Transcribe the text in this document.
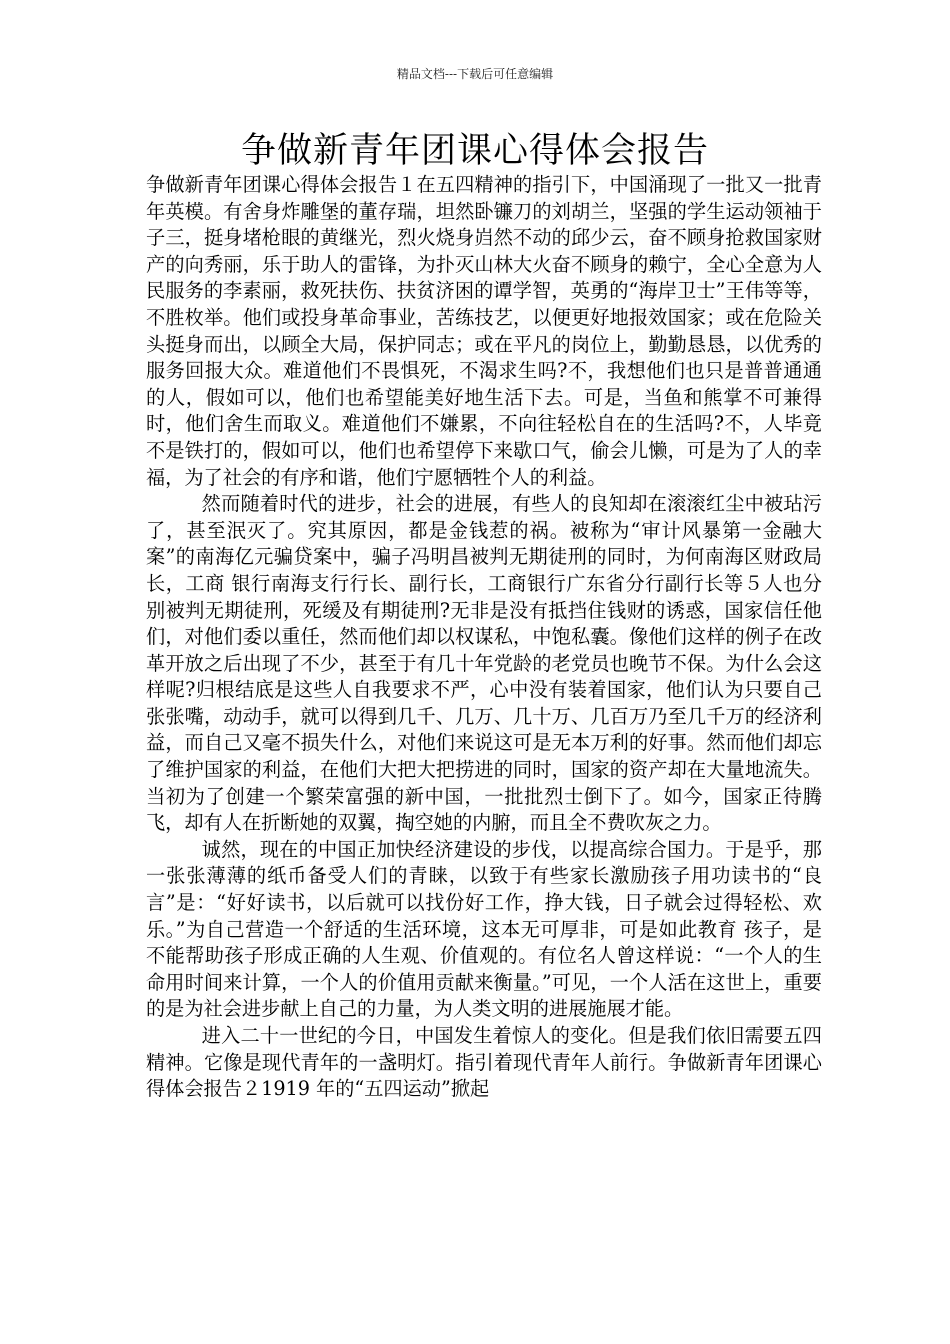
精品文档---下载后可任意编辑
争做新青年团课心得体会报告

争做新青年团课心得体会报告１在五四精神的指引下，中国涌现了一批又一批青年英模。有舍身炸雕堡的董存瑞，坦然卧镰刀的刘胡兰，坚强的学生运动领袖于子三，挺身堵枪眼的黄继光，烈火烧身岿然不动的邱少云，奋不顾身抢救国家财产的向秀丽，乐于助人的雷锋，为扑灭山林大火奋不顾身的赖宁，全心全意为人民服务的李素丽，救死扶伤、扶贫济困的谭学智，英勇的“海岸卫士”王伟等等，不胜枚举。他们或投身革命事业，苦练技艺，以便更好地报效国家；或在危险关头挺身而出，以顾全大局，保护同志；或在平凡的岗位上，勤勤恳恳，以优秀的服务回报大众。难道他们不畏惧死，不渴求生吗?不，我想他们也只是普普通通的人，假如可以，他们也希望能美好地生活下去。可是，当鱼和熊掌不可兼得时，他们舍生而取义。难道他们不嫌累，不向往轻松自在的生活吗?不，人毕竟不是铁打的，假如可以，他们也希望停下来歇口气，偷会儿懒，可是为了人的幸福，为了社会的有序和谐，他们宁愿牺牲个人的利益。

然而随着时代的进步，社会的进展，有些人的良知却在滚滚红尘中被玷污了，甚至泯灭了。究其原因，都是金钱惹的祸。被称为“审计风暴第一金融大案”的南海亿元骗贷案中，骗子冯明昌被判无期徒刑的同时，为何南海区财政局长，工商 银行南海支行行长、副行长，工商银行广东省分行副行长等５人也分别被判无期徒刑，死缓及有期徒刑?无非是没有抵挡住钱财的诱惑，国家信任他们，对他们委以重任，然而他们却以权谋私，中饱私囊。像他们这样的例子在改革开放之后出现了不少，甚至于有几十年党龄的老党员也晚节不保。为什么会这样呢?归根结底是这些人自我要求不严，心中没有装着国家，他们认为只要自己张张嘴，动动手，就可以得到几千、几万、几十万、几百万乃至几千万的经济利益，而自己又毫不损失什么，对他们来说这可是无本万利的好事。然而他们却忘了维护国家的利益，在他们大把大把捞进的同时，国家的资产却在大量地流失。当初为了创建一个繁荣富强的新中国，一批批烈士倒下了。如今，国家正待腾飞，却有人在折断她的双翼，掏空她的内腑，而且全不费吹灰之力。

诚然，现在的中国正加快经济建设的步伐，以提高综合国力。于是乎，那一张张薄薄的纸币备受人们的青睐，以致于有些家长激励孩子用功读书的“良言”是：“好好读书，以后就可以找份好工作，挣大钱，日子就会过得轻松、欢乐。”为自己营造一个舒适的生活环境，这本无可厚非，可是如此教育 孩子，是不能帮助孩子形成正确的人生观、价值观的。有位名人曾这样说：“一个人的生命用时间来计算，一个人的价值用贡献来衡量。”可见，一个人活在这世上，重要的是为社会进步献上自己的力量，为人类文明的进展施展才能。

进入二十一世纪的今日，中国发生着惊人的变化。但是我们依旧需要五四精神。它像是现代青年的一盏明灯。指引着现代青年人前行。争做新青年团课心得体会报告２1919 年的“五四运动”掀起
